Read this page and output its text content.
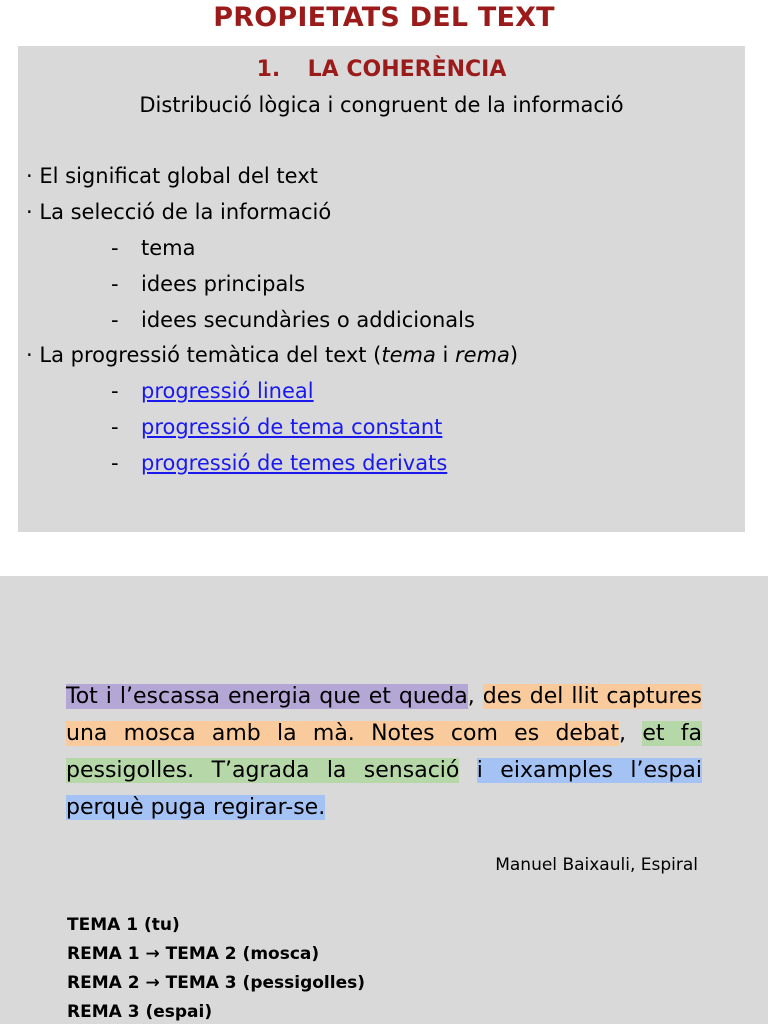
PROPIETATS DEL TEXT
1. LA COHERÈNCIA
Distribució lògica i congruent de la informació
· El significat global del text
· La selecció de la informació
- tema
- idees principals
- idees secundàries o addicionals
· La progressió temàtica del text (tema i rema)
- progressió lineal
- progressió de tema constant
- progressió de temes derivats
Tot i l’escassa energia que et queda, des del llit captures una mosca amb la mà. Notes com es debat, et fa pessigolles. T’agrada la sensació i eixamples l’espai perquè puga regirar-se.
Manuel Baixauli, Espiral
TEMA 1 (tu)
REMA 1 → TEMA 2 (mosca)
REMA 2 → TEMA 3 (pessigolles)
REMA 3 (espai)
